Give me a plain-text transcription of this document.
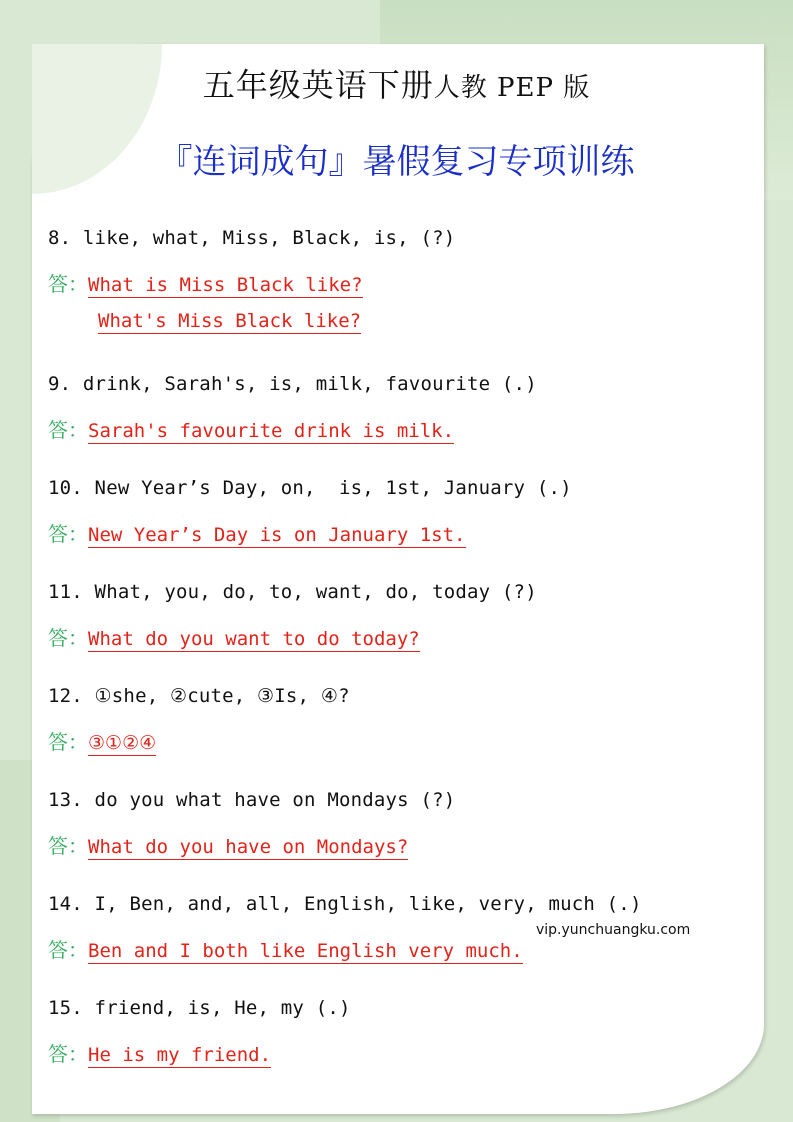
五年级英语下册人教 PEP 版
『连词成句』暑假复习专项训练
8. like, what, Miss, Black, is, (?)
答：What is Miss Black like?
What's Miss Black like?
9. drink, Sarah's, is, milk, favourite (.)
答：Sarah's favourite drink is milk.
10. New Year’s Day, on,  is, 1st, January (.)
答：New Year’s Day is on January 1st.
11. What, you, do, to, want, do, today (?)
答：What do you want to do today?
12. ①she, ②cute, ③Is, ④?
答：③①②④
13. do you what have on Mondays (?)
答：What do you have on Mondays?
14. I, Ben, and, all, English, like, very, much (.)
答：Ben and I both like English very much.
vip.yunchuangku.com
15. friend, is, He, my (.)
答：He is my friend.
